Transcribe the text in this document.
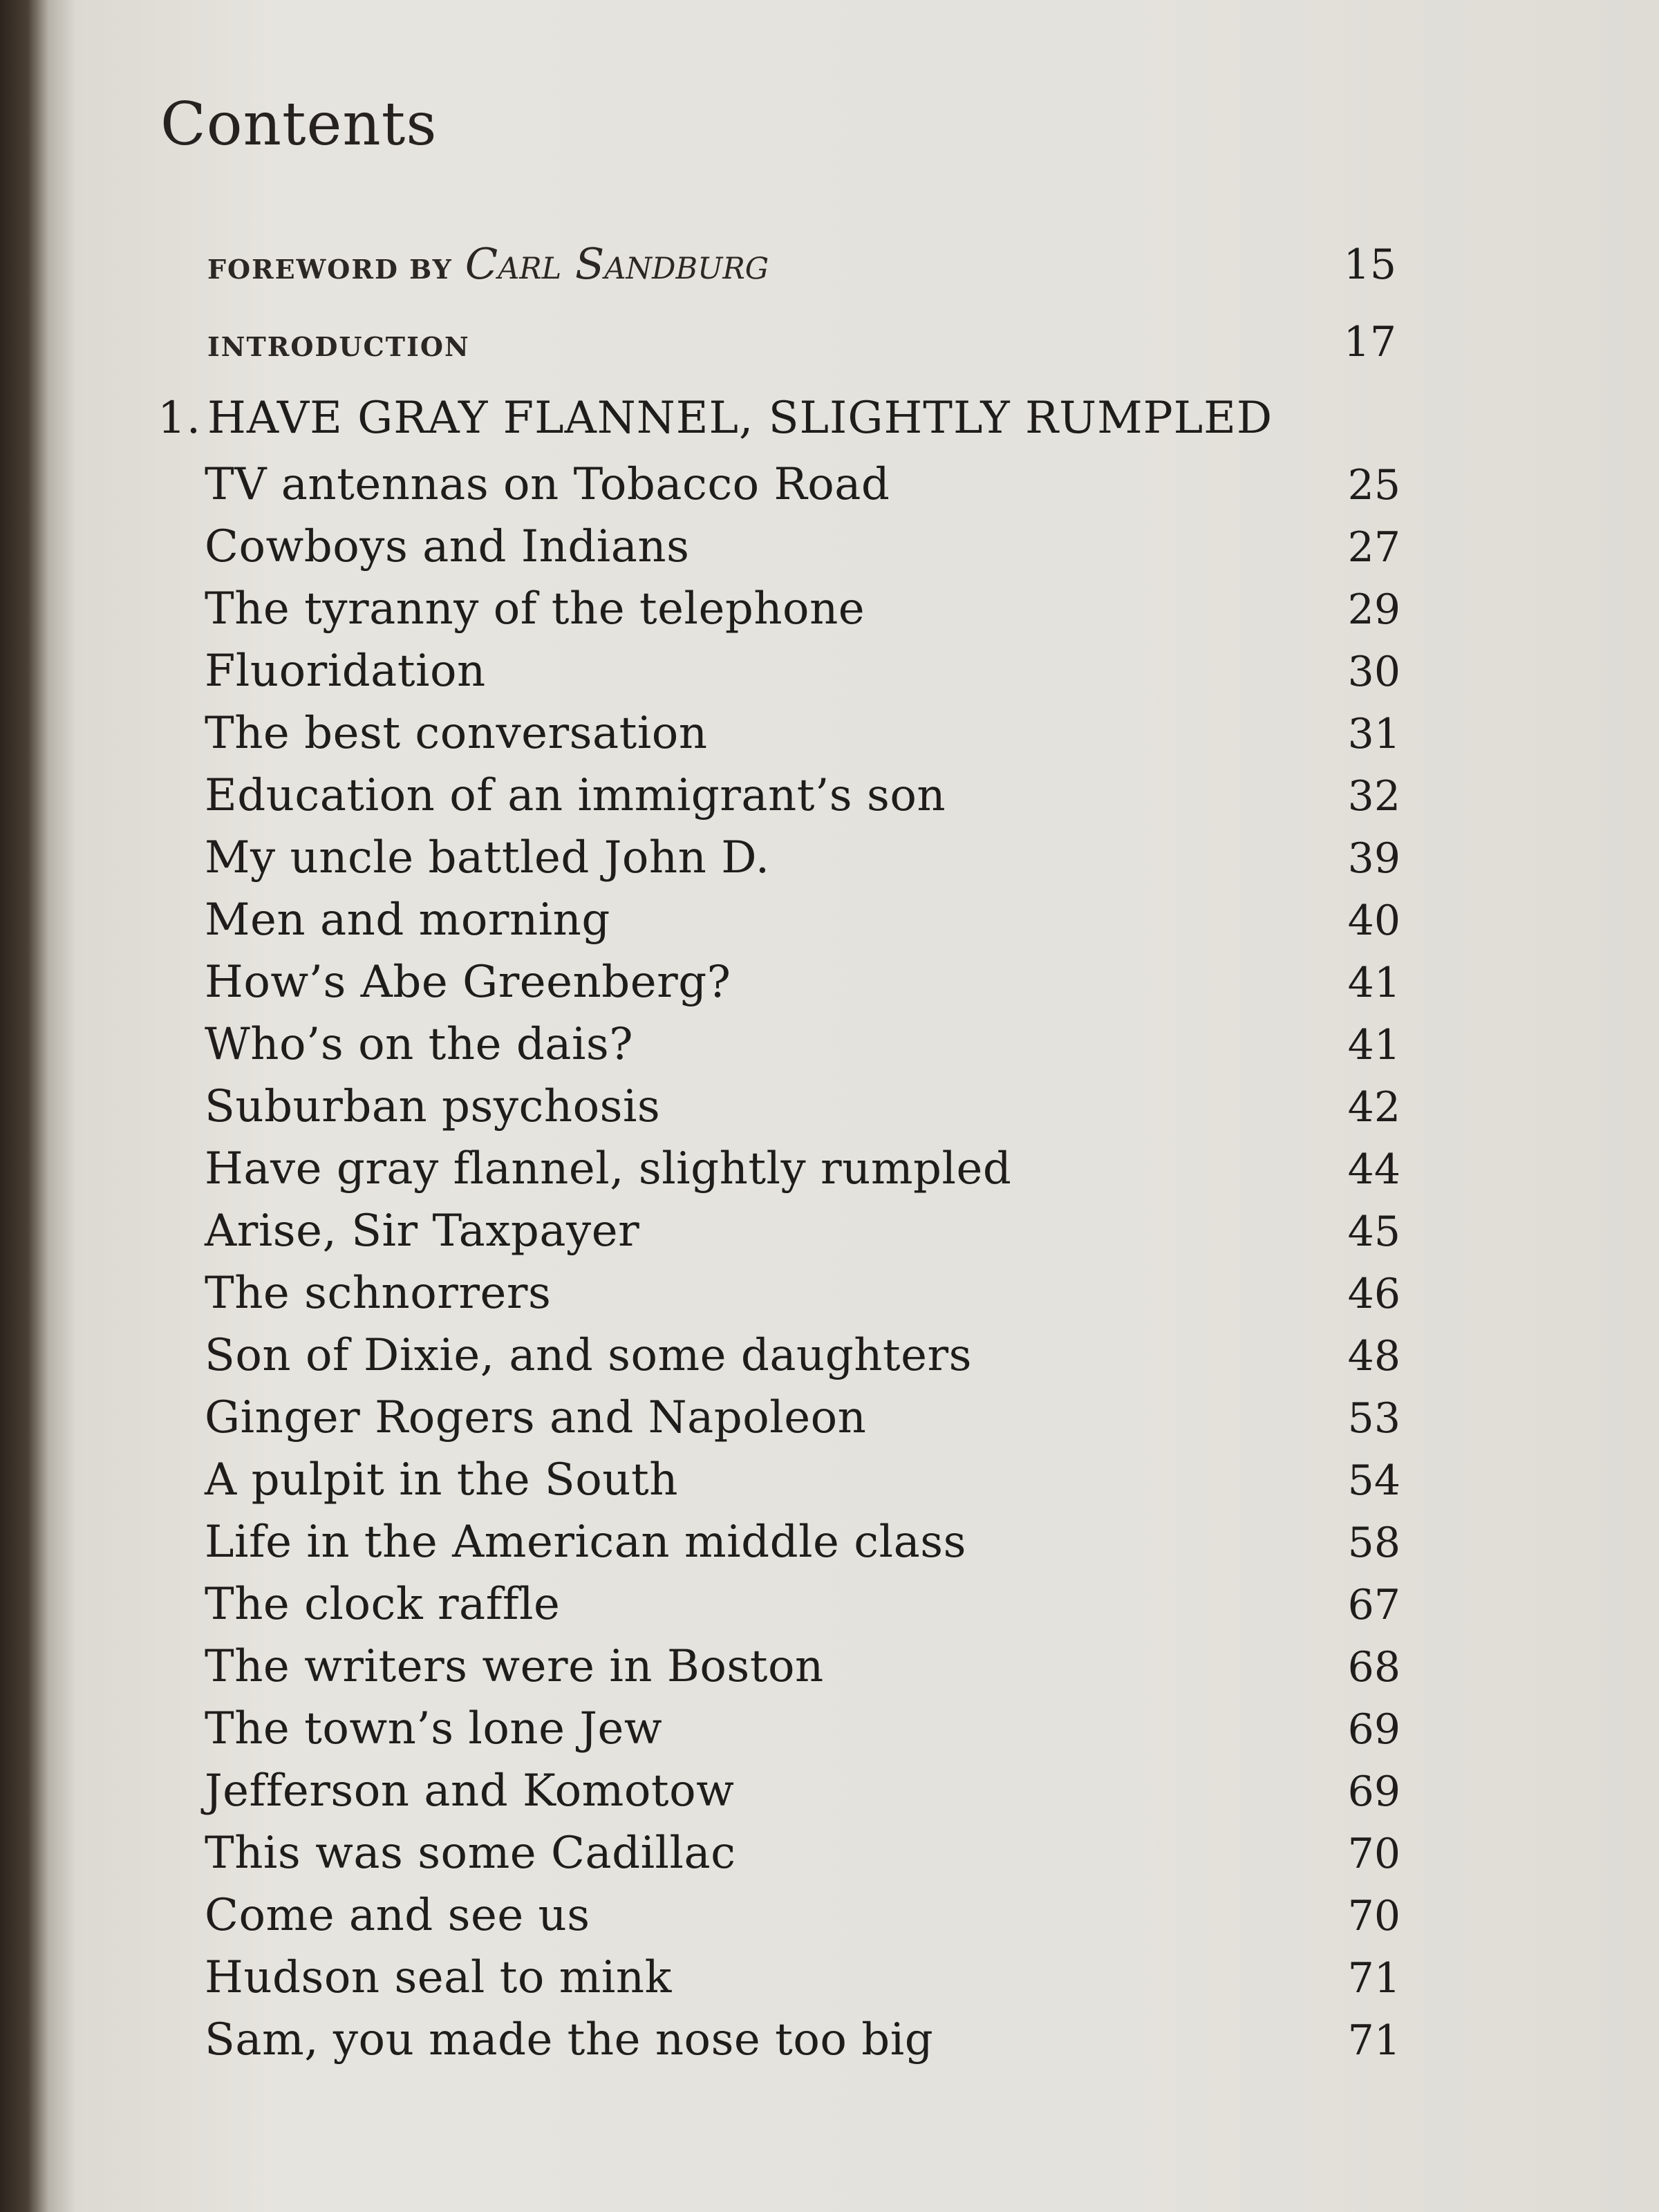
Contents
FOREWORD BY Carl Sandburg	15
INTRODUCTION	17
1. HAVE GRAY FLANNEL, SLIGHTLY RUMPLED
TV antennas on Tobacco Road	25
Cowboys and Indians	27
The tyranny of the telephone	29
Fluoridation	30
The best conversation	31
Education of an immigrant’s son	32
My uncle battled John D.	39
Men and morning	40
How’s Abe Greenberg?	41
Who’s on the dais?	41
Suburban psychosis	42
Have gray flannel, slightly rumpled	44
Arise, Sir Taxpayer	45
The schnorrers	46
Son of Dixie, and some daughters	48
Ginger Rogers and Napoleon	53
A pulpit in the South	54
Life in the American middle class	58
The clock raffle	67
The writers were in Boston	68
The town’s lone Jew	69
Jefferson and Komotow	69
This was some Cadillac	70
Come and see us	70
Hudson seal to mink	71
Sam, you made the nose too big	71
